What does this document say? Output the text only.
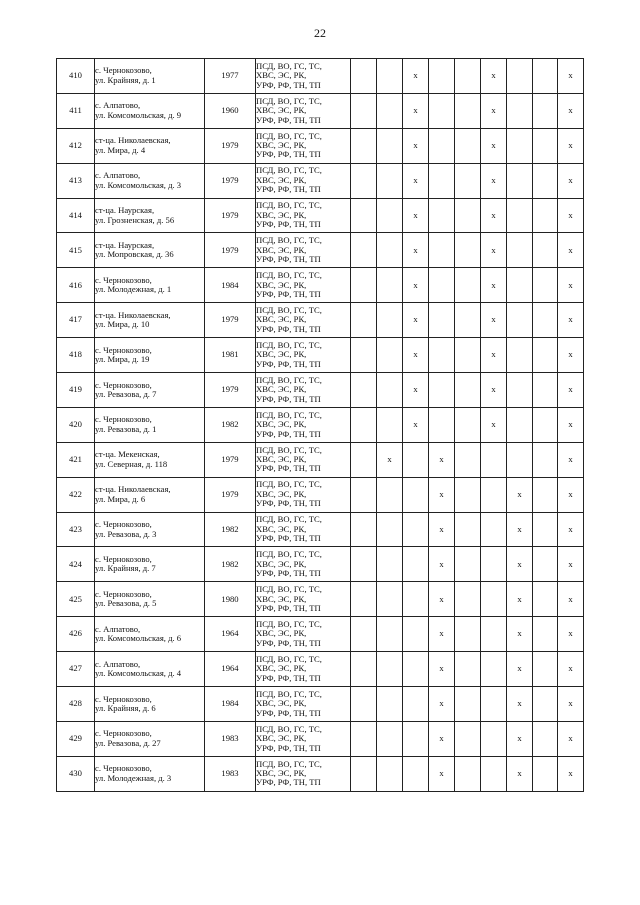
22
410	с. Чернокозово,
ул. Крайняя, д. 1	1977	ПСД, ВО, ГС, ТС,
ХВС, ЭС, РК,
УРФ, РФ, ТН, ТП			x			x			x
411	с. Алпатово,
ул. Комсомольская, д. 9	1960	ПСД, ВО, ГС, ТС,
ХВС, ЭС, РК,
УРФ, РФ, ТН, ТП			x			x			x
412	ст-ца. Николаевская,
ул. Мира, д. 4	1979	ПСД, ВО, ГС, ТС,
ХВС, ЭС, РК,
УРФ, РФ, ТН, ТП			x			x			x
413	с. Алпатово,
ул. Комсомольская, д. 3	1979	ПСД, ВО, ГС, ТС,
ХВС, ЭС, РК,
УРФ, РФ, ТН, ТП			x			x			x
414	ст-ца. Наурская,
ул. Грозненская, д. 56	1979	ПСД, ВО, ГС, ТС,
ХВС, ЭС, РК,
УРФ, РФ, ТН, ТП			x			x			x
415	ст-ца. Наурская,
ул. Мопровская, д. 36	1979	ПСД, ВО, ГС, ТС,
ХВС, ЭС, РК,
УРФ, РФ, ТН, ТП			x			x			x
416	с. Чернокозово,
ул. Молодежная, д. 1	1984	ПСД, ВО, ГС, ТС,
ХВС, ЭС, РК,
УРФ, РФ, ТН, ТП			x			x			x
417	ст-ца. Николаевская,
ул. Мира, д. 10	1979	ПСД, ВО, ГС, ТС,
ХВС, ЭС, РК,
УРФ, РФ, ТН, ТП			x			x			x
418	с. Чернокозово,
ул. Мира, д. 19	1981	ПСД, ВО, ГС, ТС,
ХВС, ЭС, РК,
УРФ, РФ, ТН, ТП			x			x			x
419	с. Чернокозово,
ул. Ревазова, д. 7	1979	ПСД, ВО, ГС, ТС,
ХВС, ЭС, РК,
УРФ, РФ, ТН, ТП			x			x			x
420	с. Чернокозово,
ул. Ревазова, д. 1	1982	ПСД, ВО, ГС, ТС,
ХВС, ЭС, РК,
УРФ, РФ, ТН, ТП			x			x			x
421	ст-ца. Мекенская,
ул. Северная, д. 118	1979	ПСД, ВО, ГС, ТС,
ХВС, ЭС, РК,
УРФ, РФ, ТН, ТП		x		x					x
422	ст-ца. Николаевская,
ул. Мира, д. 6	1979	ПСД, ВО, ГС, ТС,
ХВС, ЭС, РК,
УРФ, РФ, ТН, ТП				x			x		x
423	с. Чернокозово,
ул. Ревазова, д. 3	1982	ПСД, ВО, ГС, ТС,
ХВС, ЭС, РК,
УРФ, РФ, ТН, ТП				x			x		x
424	с. Чернокозово,
ул. Крайняя, д. 7	1982	ПСД, ВО, ГС, ТС,
ХВС, ЭС, РК,
УРФ, РФ, ТН, ТП				x			x		x
425	с. Чернокозово,
ул. Ревазова, д. 5	1980	ПСД, ВО, ГС, ТС,
ХВС, ЭС, РК,
УРФ, РФ, ТН, ТП				x			x		x
426	с. Алпатово,
ул. Комсомольская, д. 6	1964	ПСД, ВО, ГС, ТС,
ХВС, ЭС, РК,
УРФ, РФ, ТН, ТП				x			x		x
427	с. Алпатово,
ул. Комсомольская, д. 4	1964	ПСД, ВО, ГС, ТС,
ХВС, ЭС, РК,
УРФ, РФ, ТН, ТП				x			x		x
428	с. Чернокозово,
ул. Крайняя, д. 6	1984	ПСД, ВО, ГС, ТС,
ХВС, ЭС, РК,
УРФ, РФ, ТН, ТП				x			x		x
429	с. Чернокозово,
ул. Ревазова, д. 27	1983	ПСД, ВО, ГС, ТС,
ХВС, ЭС, РК,
УРФ, РФ, ТН, ТП				x			x		x
430	с. Чернокозово,
ул. Молодежная, д. 3	1983	ПСД, ВО, ГС, ТС,
ХВС, ЭС, РК,
УРФ, РФ, ТН, ТП				x			x		x
